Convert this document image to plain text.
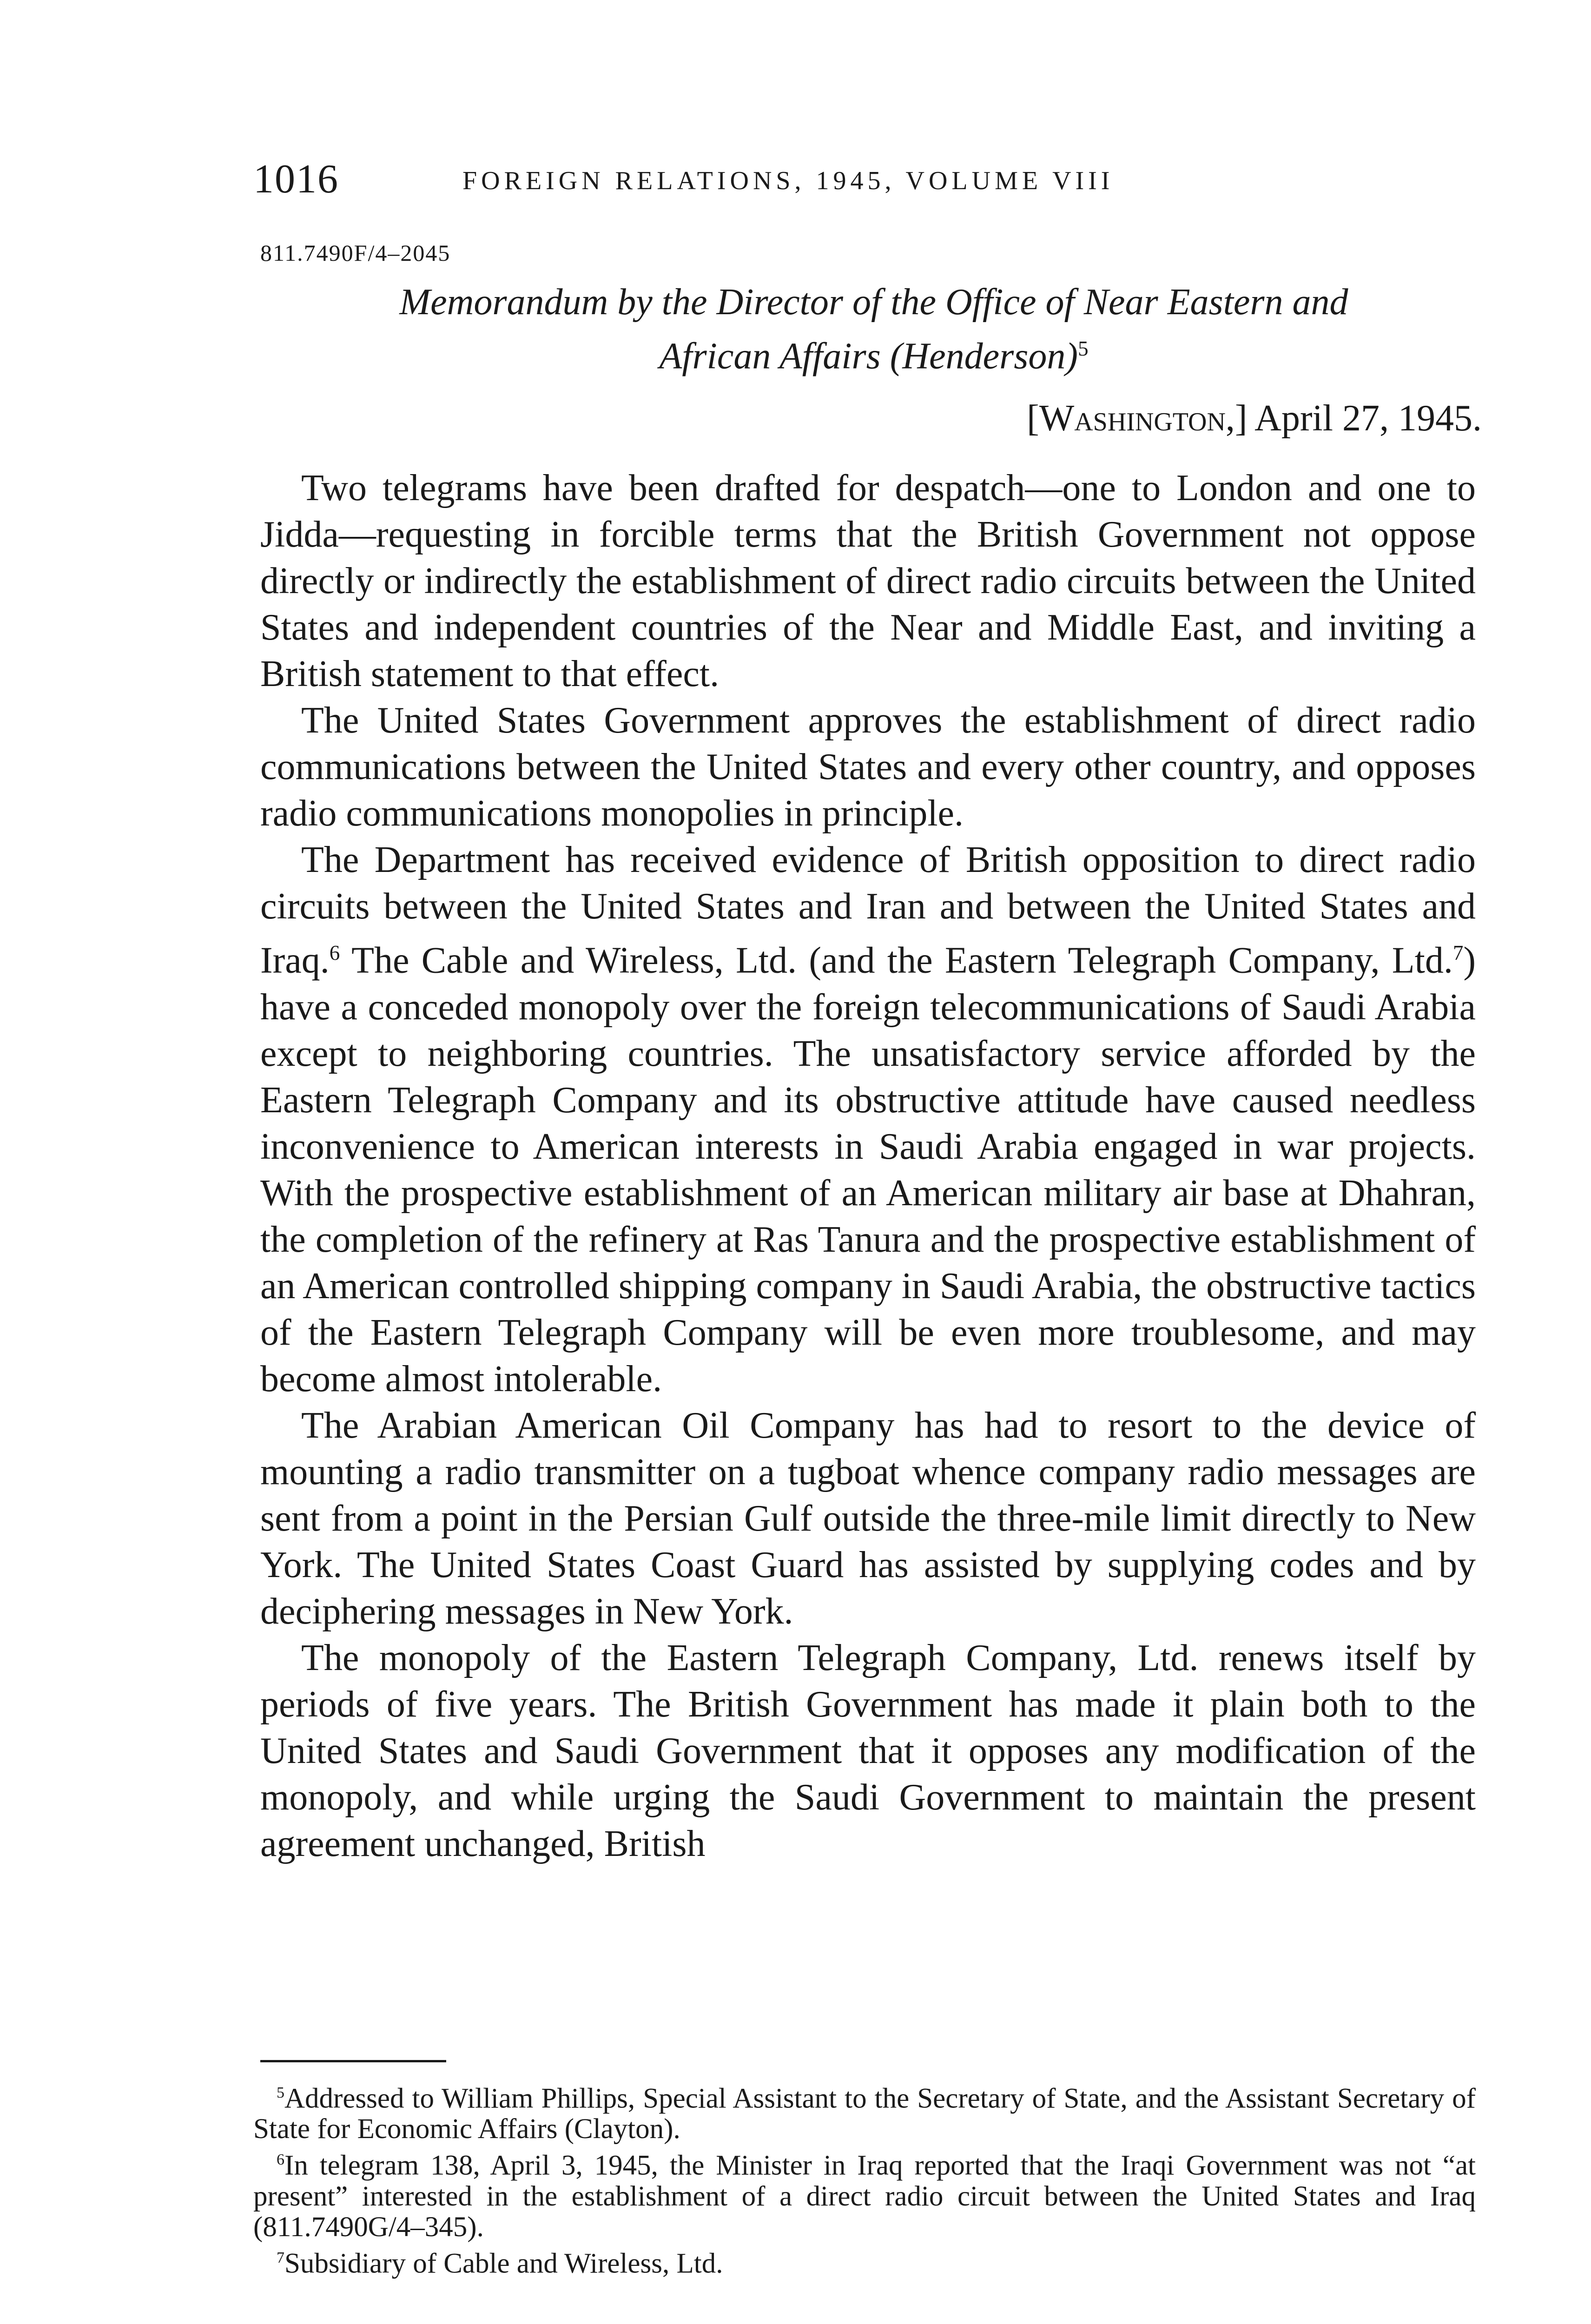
1016	FOREIGN RELATIONS, 1945, VOLUME VIII
811.7490F/4–2045
Memorandum by the Director of the Office of Near Eastern and
African Affairs (Henderson)$^5$
[Washington,] April 27, 1945.

Two telegrams have been drafted for despatch—one to London and one to Jidda—requesting in forcible terms that the British Government not oppose directly or indirectly the establishment of direct radio circuits between the United States and independent countries of the Near and Middle East, and inviting a British statement to that effect.

The United States Government approves the establishment of direct radio communications between the United States and every other country, and opposes radio communications monopolies in principle.

The Department has received evidence of British opposition to direct radio circuits between the United States and Iran and between the United States and Iraq.$^6$ The Cable and Wireless, Ltd. (and the Eastern Telegraph Company, Ltd.$^7$) have a conceded monopoly over the foreign telecommunications of Saudi Arabia except to neighboring countries. The unsatisfactory service afforded by the Eastern Telegraph Company and its obstructive attitude have caused needless inconvenience to American interests in Saudi Arabia engaged in war projects. With the prospective establishment of an American military air base at Dhahran, the completion of the refinery at Ras Tanura and the prospective establishment of an American controlled shipping company in Saudi Arabia, the obstructive tactics of the Eastern Telegraph Company will be even more troublesome, and may become almost intolerable.

The Arabian American Oil Company has had to resort to the device of mounting a radio transmitter on a tugboat whence company radio messages are sent from a point in the Persian Gulf outside the three-mile limit directly to New York. The United States Coast Guard has assisted by supplying codes and by deciphering messages in New York.

The monopoly of the Eastern Telegraph Company, Ltd. renews itself by periods of five years. The British Government has made it plain both to the United States and Saudi Government that it opposes any modification of the monopoly, and while urging the Saudi Government to maintain the present agreement unchanged, British

$^5$Addressed to William Phillips, Special Assistant to the Secretary of State, and the Assistant Secretary of State for Economic Affairs (Clayton).

$^6$In telegram 138, April 3, 1945, the Minister in Iraq reported that the Iraqi Government was not “at present” interested in the establishment of a direct radio circuit between the United States and Iraq (811.7490G/4–345).

$^7$Subsidiary of Cable and Wireless, Ltd.
